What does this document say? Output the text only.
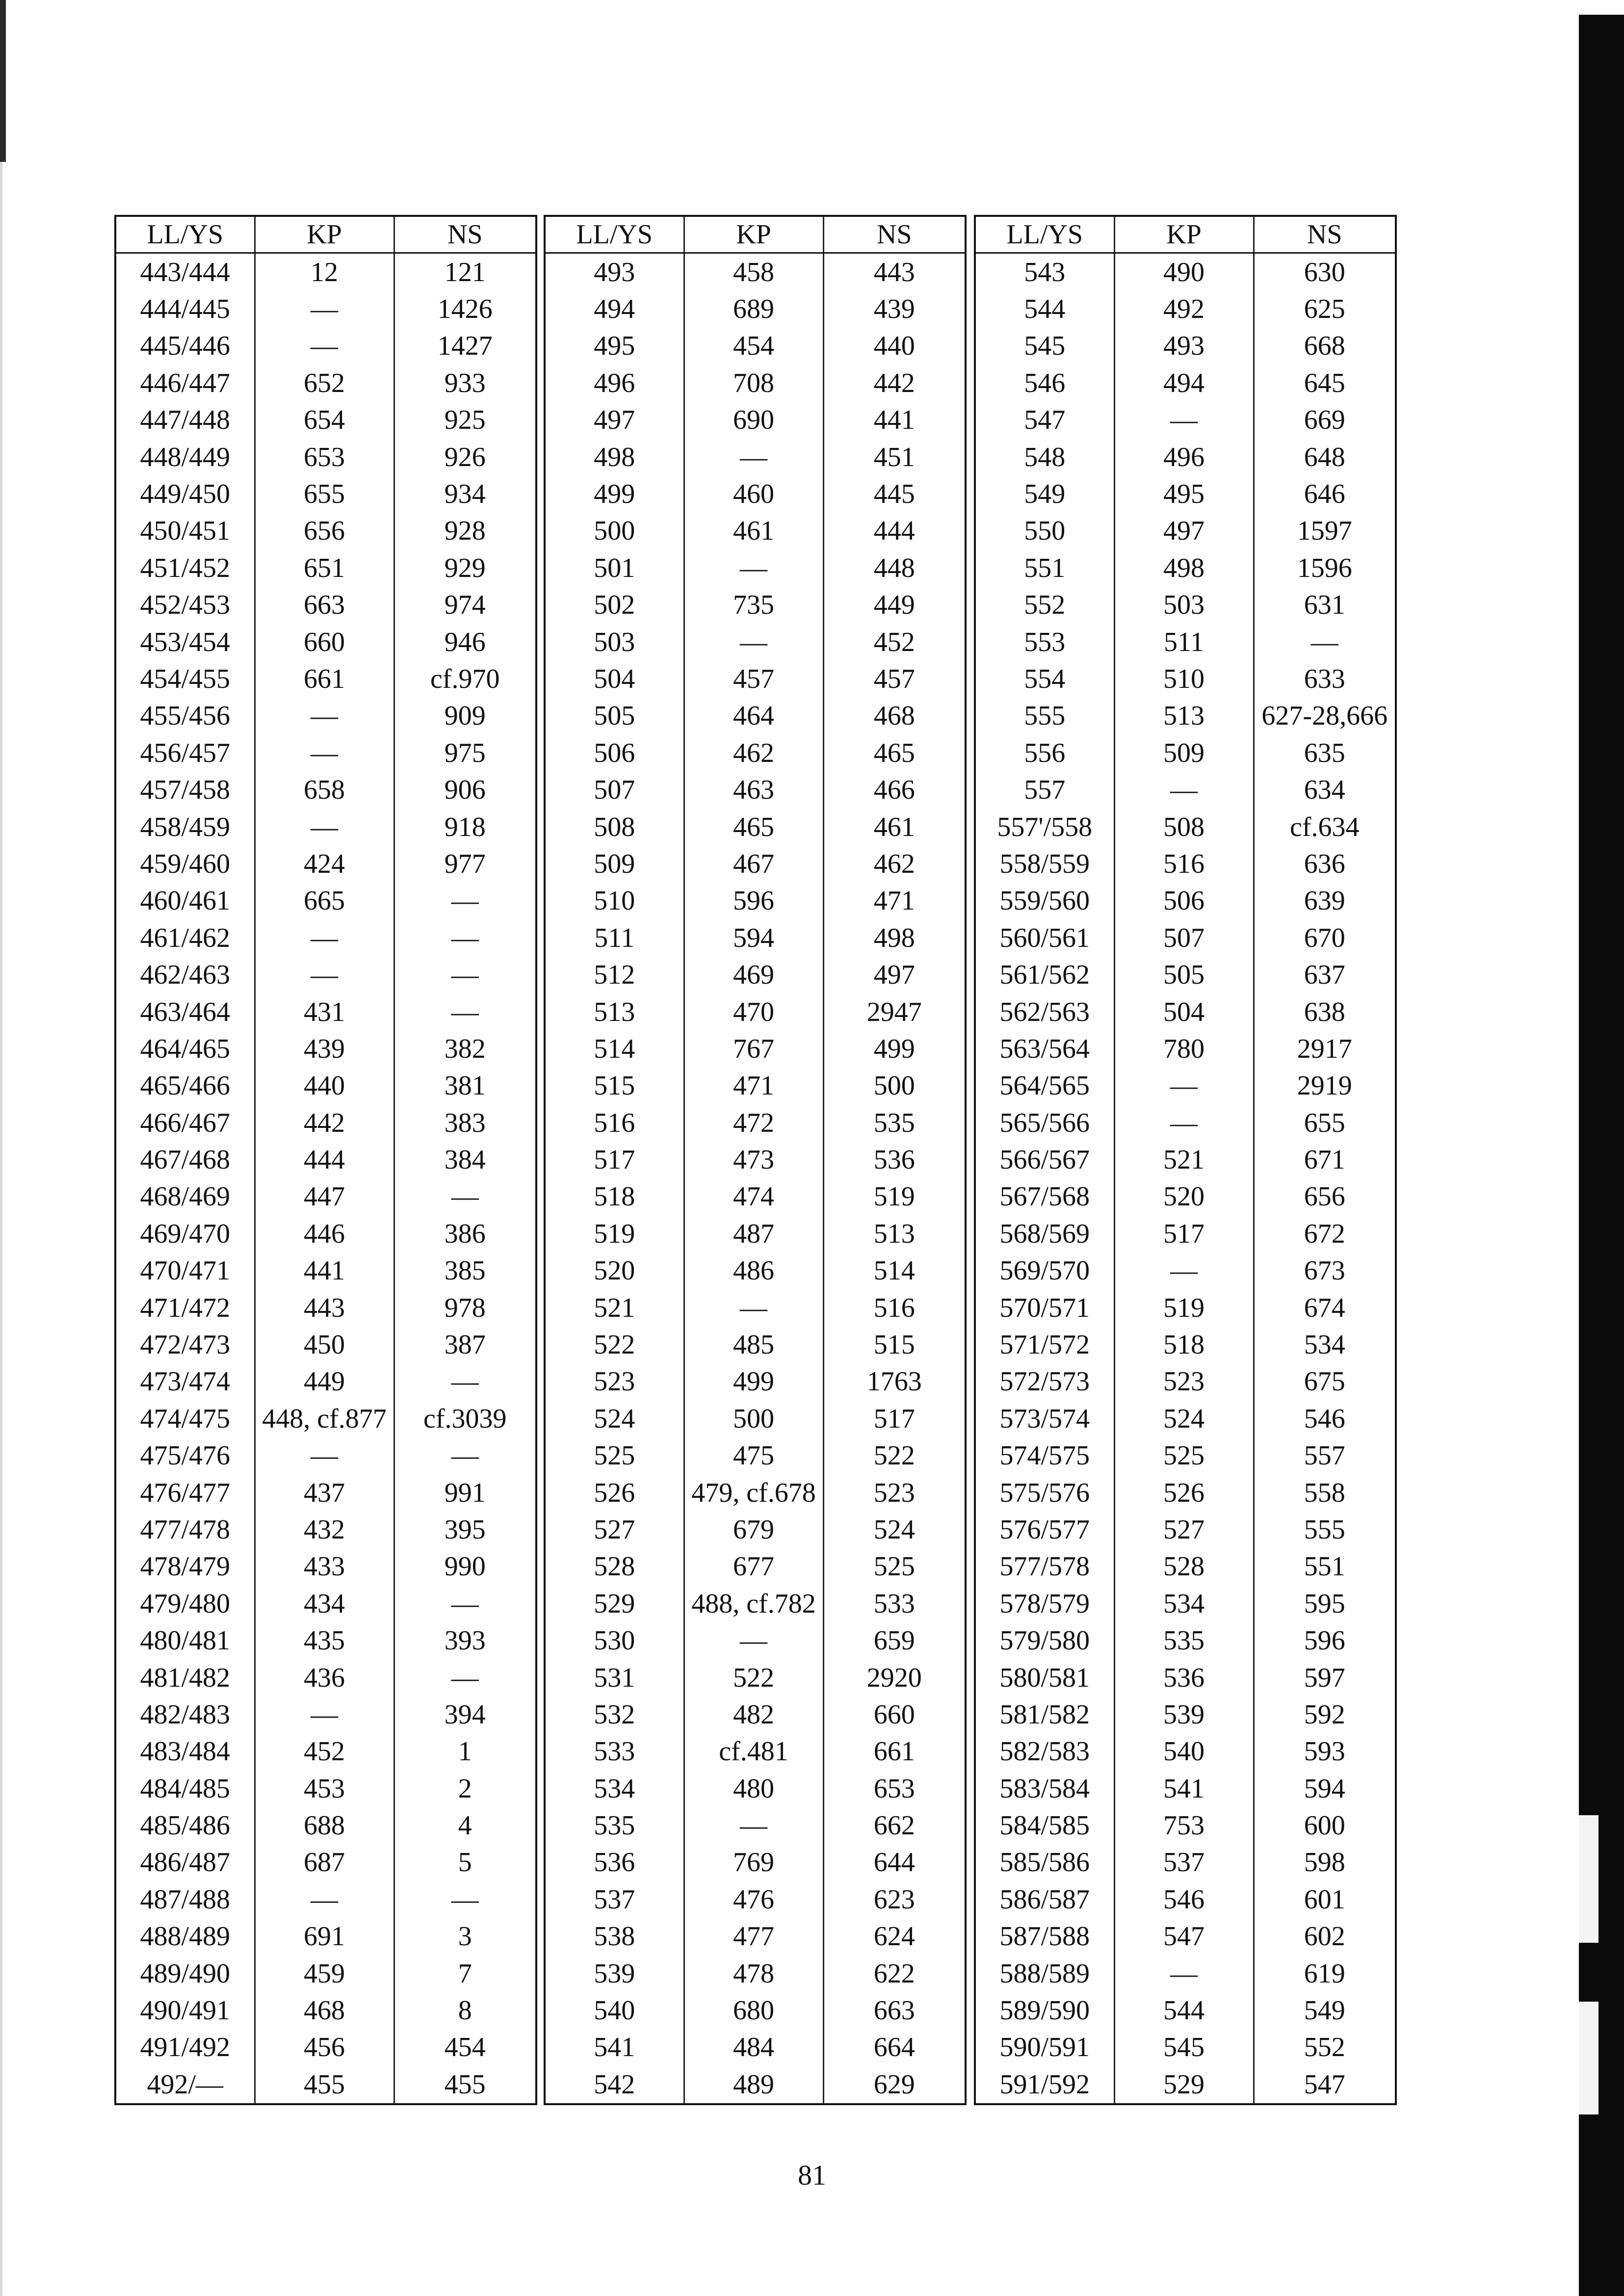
LL/YS	KP	NS
443/444	12	121
444/445	—	1426
445/446	—	1427
446/447	652	933
447/448	654	925
448/449	653	926
449/450	655	934
450/451	656	928
451/452	651	929
452/453	663	974
453/454	660	946
454/455	661	cf.970
455/456	—	909
456/457	—	975
457/458	658	906
458/459	—	918
459/460	424	977
460/461	665	—
461/462	—	—
462/463	—	—
463/464	431	—
464/465	439	382
465/466	440	381
466/467	442	383
467/468	444	384
468/469	447	—
469/470	446	386
470/471	441	385
471/472	443	978
472/473	450	387
473/474	449	—
474/475	448, cf.877	cf.3039
475/476	—	—
476/477	437	991
477/478	432	395
478/479	433	990
479/480	434	—
480/481	435	393
481/482	436	—
482/483	—	394
483/484	452	1
484/485	453	2
485/486	688	4
486/487	687	5
487/488	—	—
488/489	691	3
489/490	459	7
490/491	468	8
491/492	456	454
492/—	455	455
LL/YS	KP	NS
493	458	443
494	689	439
495	454	440
496	708	442
497	690	441
498	—	451
499	460	445
500	461	444
501	—	448
502	735	449
503	—	452
504	457	457
505	464	468
506	462	465
507	463	466
508	465	461
509	467	462
510	596	471
511	594	498
512	469	497
513	470	2947
514	767	499
515	471	500
516	472	535
517	473	536
518	474	519
519	487	513
520	486	514
521	—	516
522	485	515
523	499	1763
524	500	517
525	475	522
526	479, cf.678	523
527	679	524
528	677	525
529	488, cf.782	533
530	—	659
531	522	2920
532	482	660
533	cf.481	661
534	480	653
535	—	662
536	769	644
537	476	623
538	477	624
539	478	622
540	680	663
541	484	664
542	489	629
LL/YS	KP	NS
543	490	630
544	492	625
545	493	668
546	494	645
547	—	669
548	496	648
549	495	646
550	497	1597
551	498	1596
552	503	631
553	511	—
554	510	633
555	513	627-28,666
556	509	635
557	—	634
557'/558	508	cf.634
558/559	516	636
559/560	506	639
560/561	507	670
561/562	505	637
562/563	504	638
563/564	780	2917
564/565	—	2919
565/566	—	655
566/567	521	671
567/568	520	656
568/569	517	672
569/570	—	673
570/571	519	674
571/572	518	534
572/573	523	675
573/574	524	546
574/575	525	557
575/576	526	558
576/577	527	555
577/578	528	551
578/579	534	595
579/580	535	596
580/581	536	597
581/582	539	592
582/583	540	593
583/584	541	594
584/585	753	600
585/586	537	598
586/587	546	601
587/588	547	602
588/589	—	619
589/590	544	549
590/591	545	552
591/592	529	547
81
